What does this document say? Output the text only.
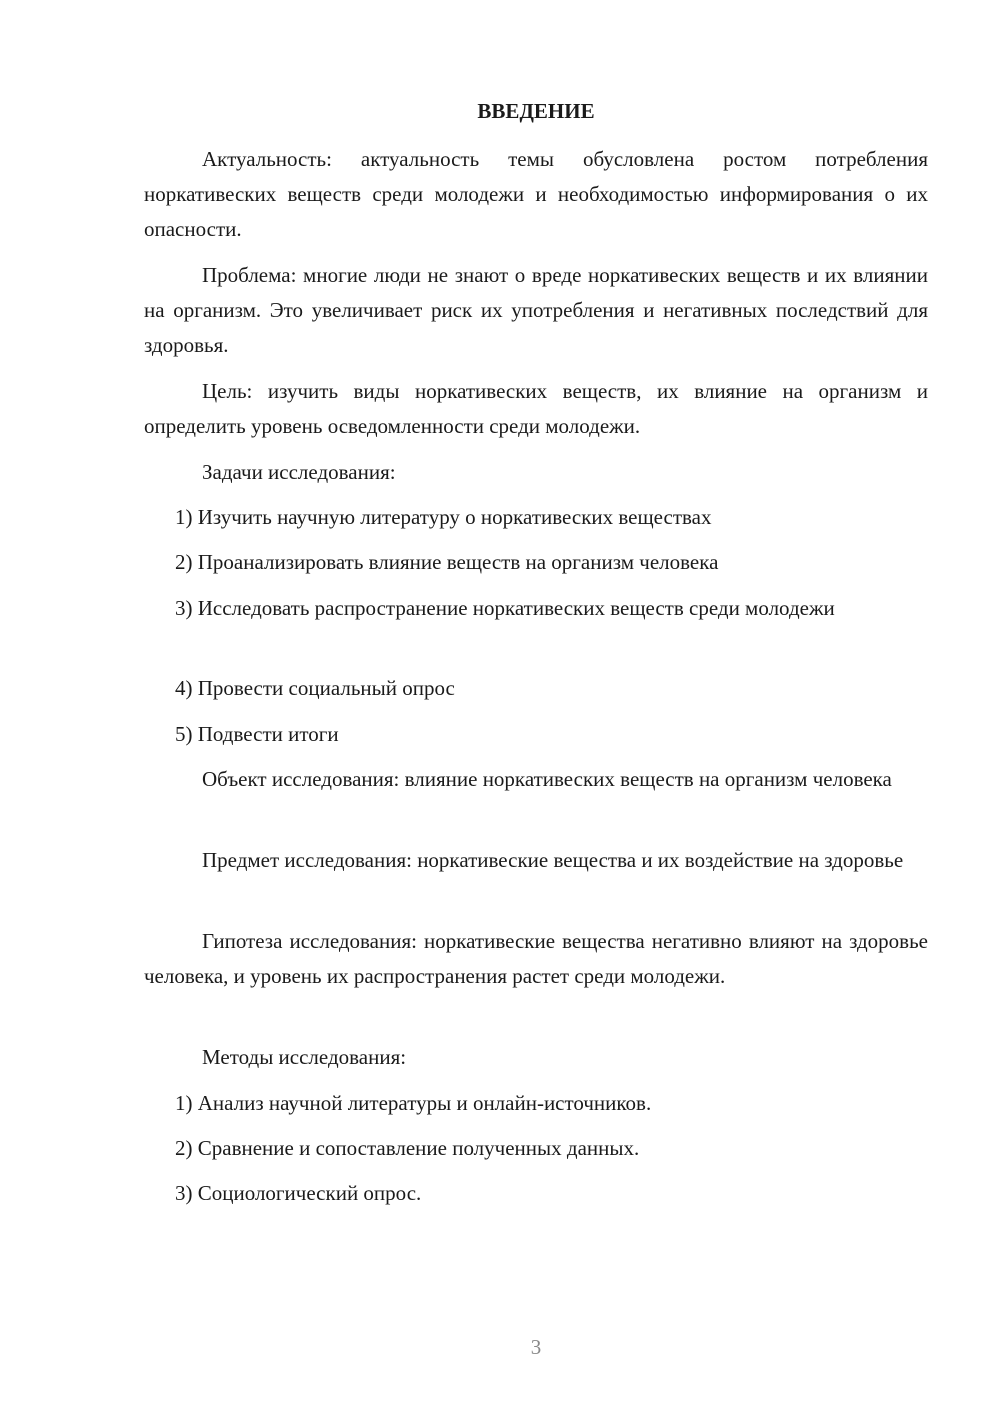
ВВЕДЕНИЕ

Актуальность: актуальность темы обусловлена ростом потребления норкативеских веществ среди молодежи и необходимостью информирования о их опасности.

Проблема: многие люди не знают о вреде норкативеских веществ и их влиянии на организм. Это увеличивает риск их употребления и негативных последствий для здоровья.

Цель: изучить виды норкативеских веществ, их влияние на организм и определить уровень осведомленности среди молодежи.

Задачи исследования:

1) Изучить научную литературу о норкативеских веществах

2) Проанализировать влияние веществ на организм человека

3) Исследовать распространение норкативеских веществ среди молодежи

4) Провести социальный опрос

5) Подвести итоги

Объект исследования: влияние норкативеских веществ на организм человека

Предмет исследования: норкативеские вещества и их воздействие на здоровье

Гипотеза исследования: норкативеские вещества негативно влияют на здоровье человека, и уровень их распространения растет среди молодежи.

Методы исследования:

1) Анализ научной литературы и онлайн-источников.

2) Сравнение и сопоставление полученных данных.

3) Социологический опрос.

3
